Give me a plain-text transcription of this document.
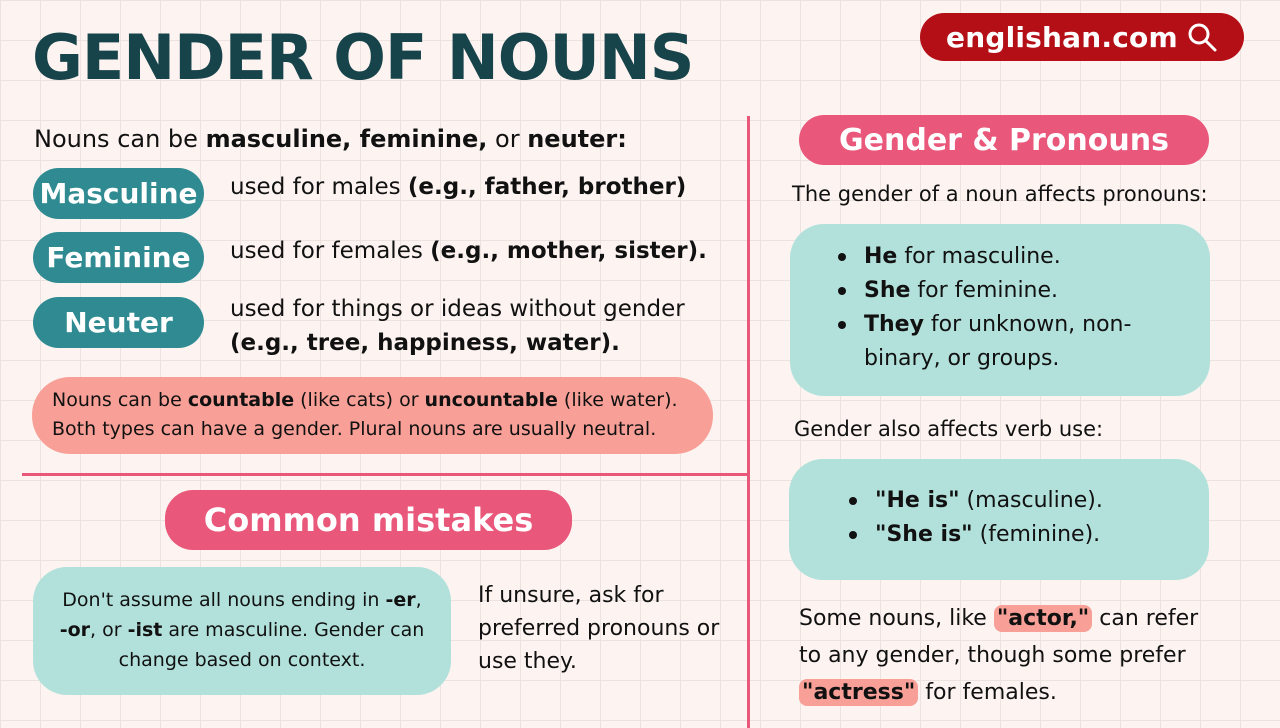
GENDER OF NOUNS	englishan.com
Nouns can be masculine, feminine, or neuter:
Masculine used for males (e.g., father, brother)
Feminine	used for females (e.g., mother, sister).
Neuter	used for things or ideas without gender (e.g., tree, happiness, water).
Nouns can be countable (like cats) or uncountable (like water).
Both types can have a gender. Plural nouns are usually neutral.
Common mistakes
Don't assume all nouns ending in -er,
-or, or -ist are masculine. Gender can change based on context.
If unsure, ask for preferred pronouns or use they.
Gender & Pronouns
The gender of a noun affects pronouns:
He for masculine.
She for feminine.
They for unknown, non-binary, or groups.
Gender also affects verb use:
"He is" (masculine).
"She is" (feminine).
Some nouns, like "actor," can refer to any gender, though some prefer "actress" for females.
